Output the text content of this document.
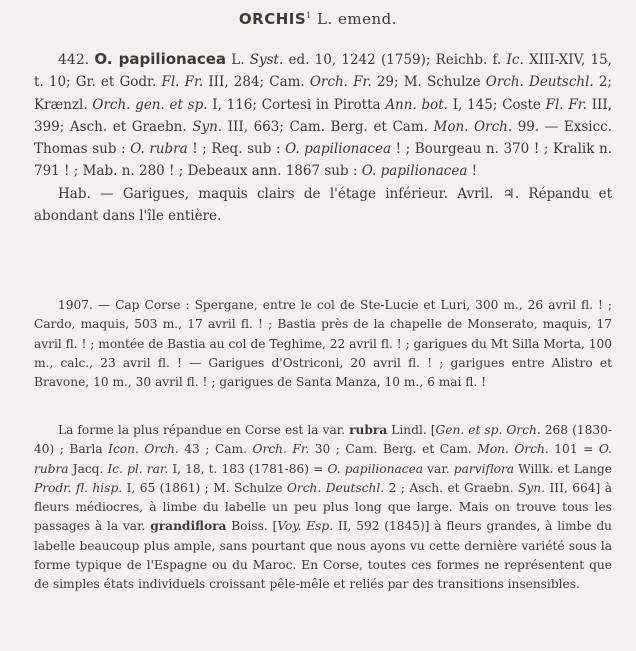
ORCHIS$^1$ L. emend.

442. O. papilionacea L. Syst. ed. 10, 1242 (1759); Reichb. f. Ic. XIII-XIV, 15, t. 10; Gr. et Godr. Fl. Fr. III, 284; Cam. Orch. Fr. 29; M. Schulze Orch. Deutschl. 2; Krænzl. Orch. gen. et sp. I, 116; Cortesi in Pirotta Ann. bot. I, 145; Coste Fl. Fr. III, 399; Asch. et Graebn. Syn. III, 663; Cam. Berg. et Cam. Mon. Orch. 99. — Exsicc. Thomas sub : O. rubra ! ; Req. sub : O. papilionacea ! ; Bourgeau n. 370 ! ; Kralik n. 791 ! ; Mab. n. 280 ! ; Debeaux ann. 1867 sub : O. papilionacea !

Hab. — Garigues, maquis clairs de l'étage inférieur. Avril. ♃. Répandu et abondant dans l'île entière.

1907. — Cap Corse : Spergane, entre le col de Ste-Lucie et Luri, 300 m., 26 avril fl. ! ; Cardo, maquis, 503 m., 17 avril fl. ! ; Bastia près de la chapelle de Monserato, maquis, 17 avril fl. ! ; montée de Bastia au col de Teghime, 22 avril fl. ! ; garigues du Mt Silla Morta, 100 m., calc., 23 avril fl. ! — Garigues d'Ostriconi, 20 avril fl. ! ; garigues entre Alistro et Bravone, 10 m., 30 avril fl. ! ; garigues de Santa Manza, 10 m., 6 mai fl. !

La forme la plus répandue en Corse est la var. rubra Lindl. [Gen. et sp. Orch. 268 (1830-40) ; Barla Icon. Orch. 43 ; Cam. Orch. Fr. 30 ; Cam. Berg. et Cam. Mon. Orch. 101 = O. rubra Jacq. Ic. pl. rar. I, 18, t. 183 (1781-86) = O. papilionacea var. parviflora Willk. et Lange Prodr. fl. hisp. I, 65 (1861) ; M. Schulze Orch. Deutschl. 2 ; Asch. et Graebn. Syn. III, 664] à fleurs médiocres, à limbe du labelle un peu plus long que large. Mais on trouve tous les passages à la var. grandiflora Boiss. [Voy. Esp. II, 592 (1845)] à fleurs grandes, à limbe du labelle beaucoup plus ample, sans pourtant que nous ayons vu cette dernière variété sous la forme typique de l'Espagne ou du Maroc. En Corse, toutes ces formes ne représentent que de simples états individuels croissant pêle-mêle et reliés par des transitions insensibles.
